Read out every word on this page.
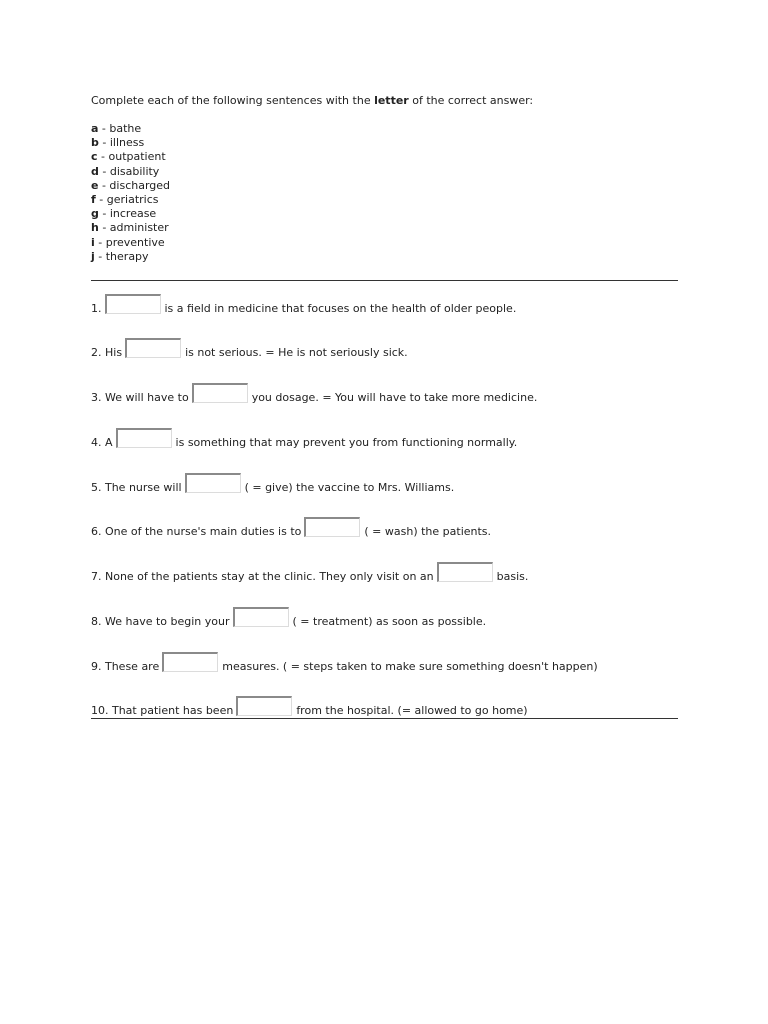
Complete each of the following sentences with the letter of the correct answer:
a - bathe
b - illness
c - outpatient
d - disability
e - discharged
f - geriatrics
g - increase
h - administer
i - preventive
j - therapy
1.	is a field in medicine that focuses on the health of older people.
2. His	is not serious. = He is not seriously sick.
3. We will have to	you dosage. = You will have to take more medicine.
4. A	is something that may prevent you from functioning normally.
5. The nurse will	( = give) the vaccine to Mrs. Williams.
6. One of the nurse's main duties is to	( = wash) the patients.
7. None of the patients stay at the clinic. They only visit on an	basis.
8. We have to begin your	( = treatment) as soon as possible.
9. These are	measures. ( = steps taken to make sure something doesn't happen)
10. That patient has been	from the hospital. (= allowed to go home)
